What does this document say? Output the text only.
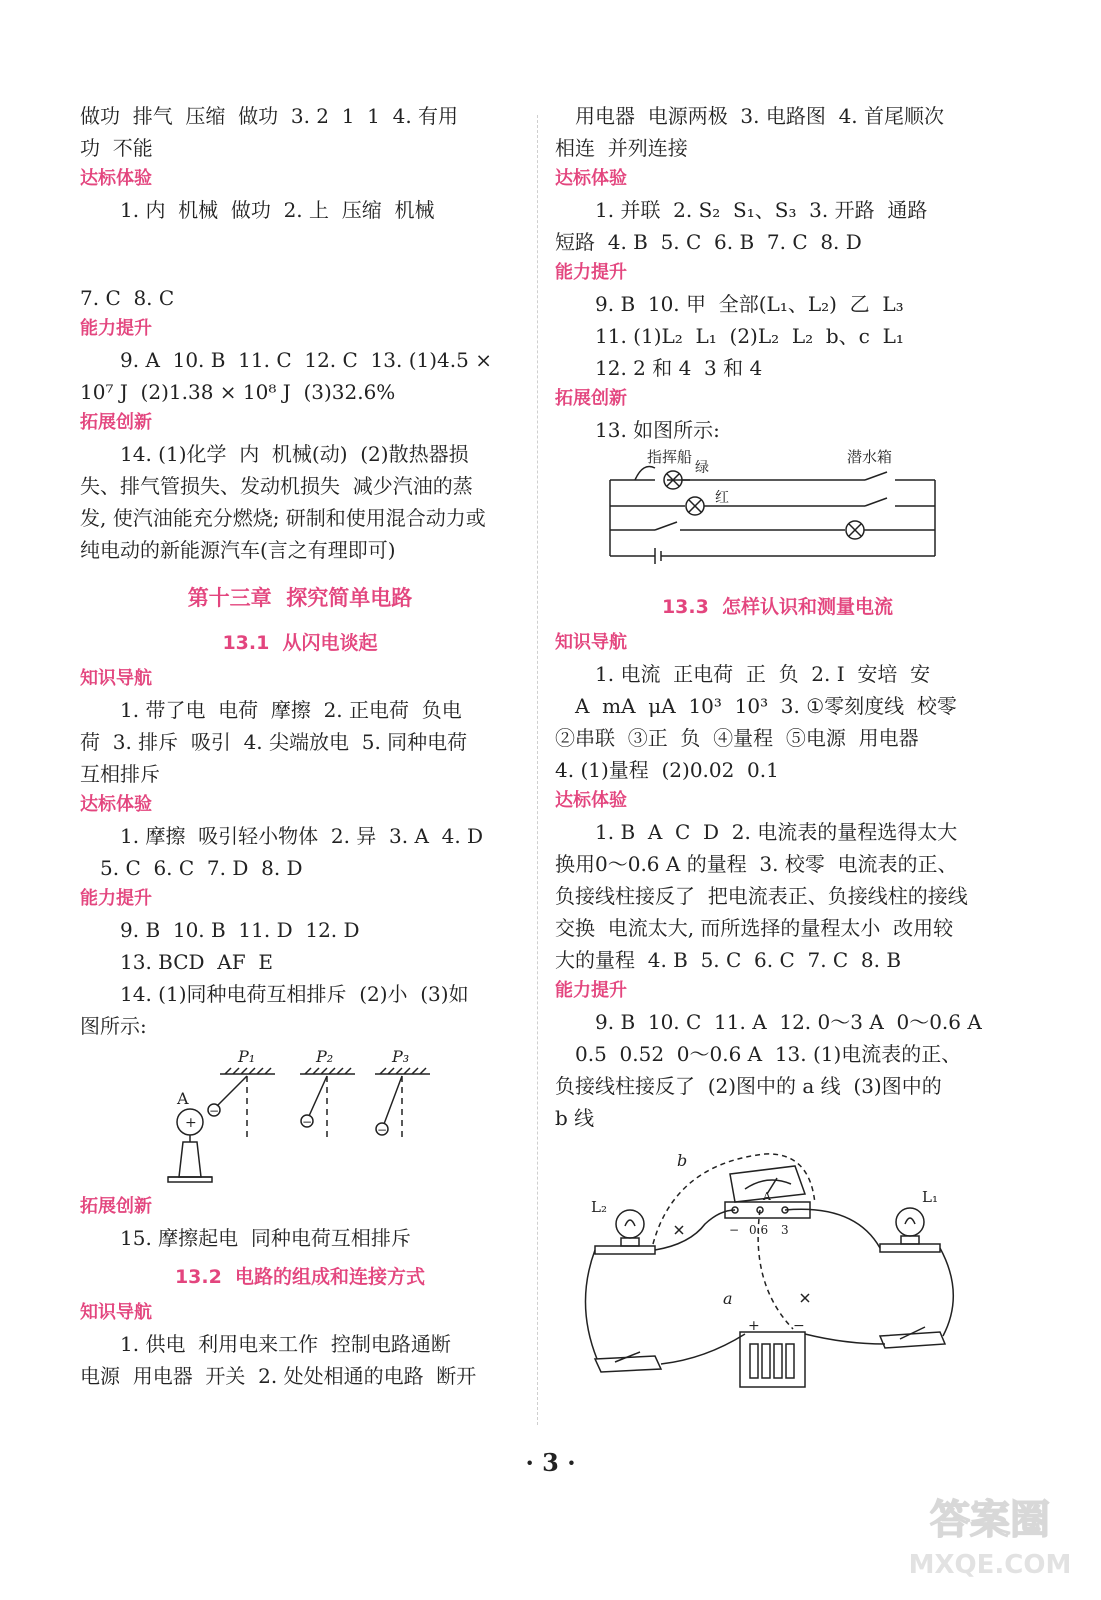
做功  排气  压缩  做功  3. 2  1  1  4. 有用
功  不能
达标体验
1. 内  机械  做功  2. 上  压缩  机械

7. C  8. C
能力提升
9. A  10. B  11. C  12. C  13. (1)4.5 ×
10⁷ J  (2)1.38 × 10⁸ J  (3)32.6%
拓展创新
14. (1)化学  内  机械(动)  (2)散热器损
失、排气管损失、发动机损失  减少汽油的蒸
发, 使汽油能充分燃烧; 研制和使用混合动力或
纯电动的新能源汽车(言之有理即可)
第十三章  探究简单电路
13.1  从闪电谈起
知识导航
1. 带了电  电荷  摩擦  2. 正电荷  负电
荷  3. 排斥  吸引  4. 尖端放电  5. 同种电荷
互相排斥
达标体验
1. 摩擦  吸引轻小物体  2. 异  3. A  4. D
5. C  6. C  7. D  8. D
能力提升
9. B  10. B  11. D  12. D
13. BCD  AF  E
14. (1)同种电荷互相排斥  (2)小  (3)如
图所示:
P₁	P₂	P₃
A
+
−
−
−
拓展创新
15. 摩擦起电  同种电荷互相排斥
13.2  电路的组成和连接方式
知识导航
1. 供电  利用电来工作  控制电路通断
电源  用电器  开关  2. 处处相通的电路  断开
用电器  电源两极  3. 电路图  4. 首尾顺次
相连  并列连接
达标体验
1. 并联  2. S₂  S₁、S₃  3. 开路  通路
短路  4. B  5. C  6. B  7. C  8. D
能力提升
9. B  10. 甲  全部(L₁、L₂)  乙  L₃
11. (1)L₂  L₁  (2)L₂  L₂  b、c  L₁
12. 2 和 4  3 和 4
拓展创新
13. 如图所示:
指挥船
绿
红
潜水箱
13.3  怎样认识和测量电流
知识导航
1. 电流  正电荷  正  负  2. I  安培  安
A  mA  μA  10³  10³  3. ①零刻度线  校零
②串联  ③正  负  ④量程  ⑤电源  用电器
4. (1)量程  (2)0.02  0.1
达标体验
1. B  A  C  D  2. 电流表的量程选得太大
换用0～0.6 A 的量程  3. 校零  电流表的正、
负接线柱接反了  把电流表正、负接线柱的接线
交换  电流太大, 而所选择的量程太小  改用较
大的量程  4. B  5. C  6. C  7. C  8. B
能力提升
9. B  10. C  11. A  12. 0～3 A  0～0.6 A
0.5  0.52  0～0.6 A  13. (1)电流表的正、
负接线柱接反了  (2)图中的 a 线  (3)图中的
b 线
b
a
L₂
L₁
A
− 0.6 3
+ −
· 3 ·
答案圈
MXQE.COM
